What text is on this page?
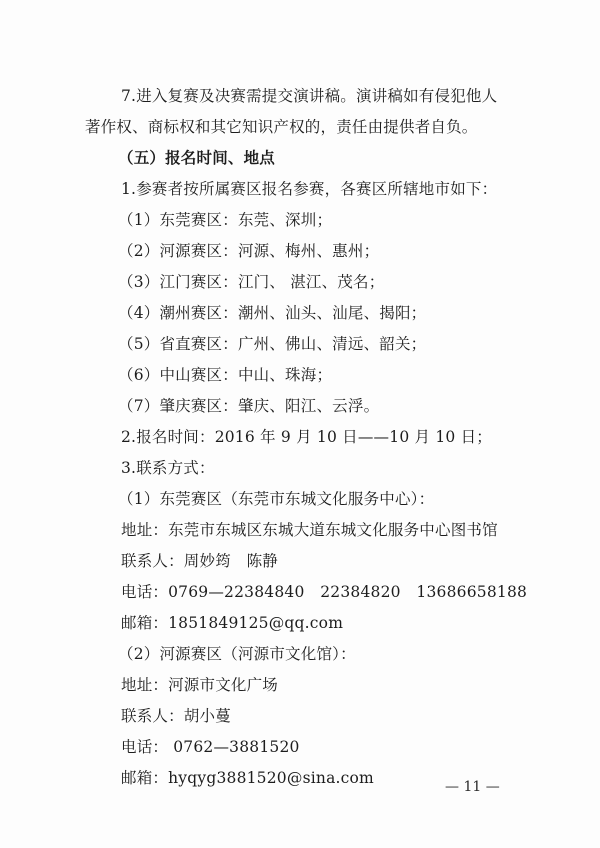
7.进入复赛及决赛需提交演讲稿。演讲稿如有侵犯他人
著作权、商标权和其它知识产权的，责任由提供者自负。
（五）报名时间、地点
1.参赛者按所属赛区报名参赛，各赛区所辖地市如下：
（1）东莞赛区：东莞、深圳；
（2）河源赛区：河源、梅州、惠州；
（3）江门赛区：江门、 湛江、茂名；
（4）潮州赛区：潮州、汕头、汕尾、揭阳；
（5）省直赛区：广州、佛山、清远、韶关；
（6）中山赛区：中山、珠海；
（7）肇庆赛区：肇庆、阳江、云浮。
2.报名时间：2016 年 9 月 10 日——10 月 10 日；
3.联系方式：
（1）东莞赛区（东莞市东城文化服务中心）：
地址：东莞市东城区东城大道东城文化服务中心图书馆
联系人：周妙筠　陈静
电话：0769—22384840　22384820　13686658188
邮箱：1851849125@qq.com
（2）河源赛区（河源市文化馆）：
地址：河源市文化广场
联系人：胡小蔓
电话： 0762—3881520
邮箱：hyqyg3881520@sina.com	— 11 —
